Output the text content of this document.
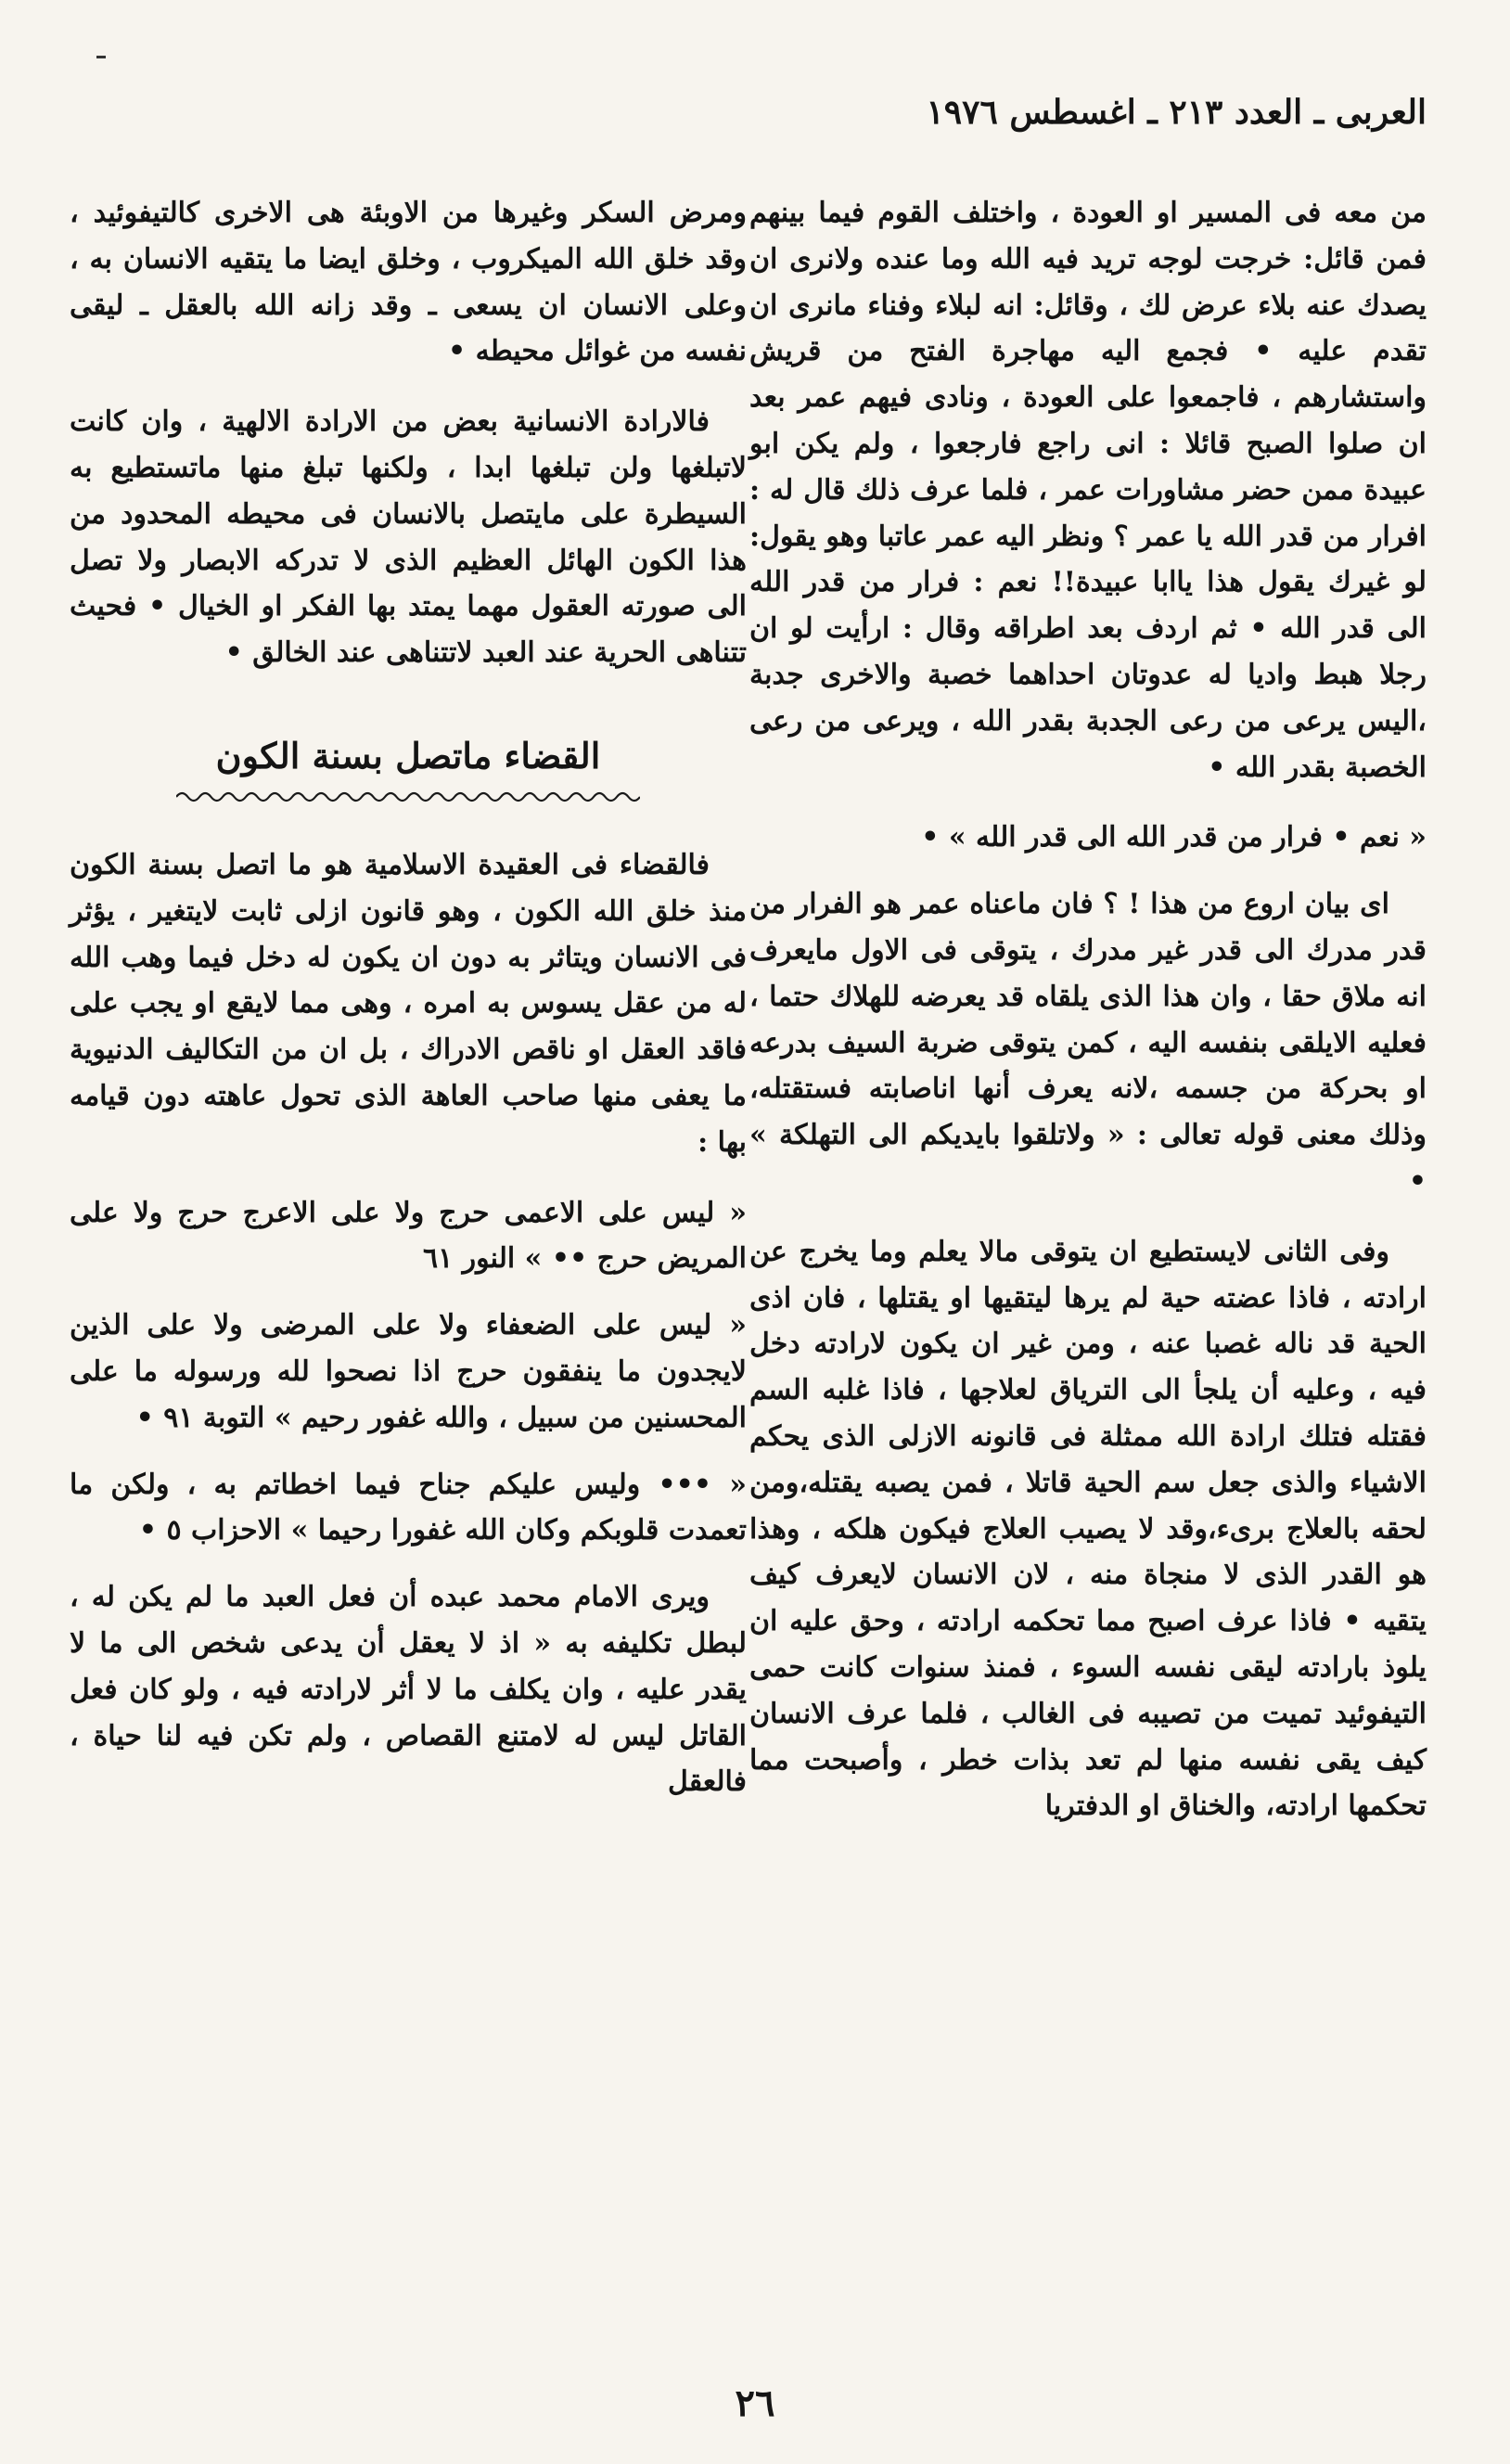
العربى ـ العدد ٢١٣ ـ اغسطس ١٩٧٦

من معه فى المسير او العودة ، واختلف القوم فيما بينهم فمن قائل: خرجت لوجه تريد فيه الله وما عنده ولانرى ان يصدك عنه بلاء عرض لك ، وقائل: انه لبلاء وفناء مانرى ان تقدم عليه • فجمع اليه مهاجرة الفتح من قريش واستشارهم ، فاجمعوا على العودة ، ونادى فيهم عمر بعد ان صلوا الصبح قائلا : انى راجع فارجعوا ، ولم يكن ابو عبيدة ممن حضر مشاورات عمر ، فلما عرف ذلك قال له : افرار من قدر الله يا عمر ؟ ونظر اليه عمر عاتبا وهو يقول: لو غيرك يقول هذا ياابا عبيدة!! نعم : فرار من قدر الله الى قدر الله • ثم اردف بعد اطراقه وقال : ارأيت لو ان رجلا هبط واديا له عدوتان احداهما خصبة والاخرى جدبة ،اليس يرعى من رعى الجدبة بقدر الله ، ويرعى من رعى الخصبة بقدر الله •

« نعم • فرار من قدر الله الى قدر الله » •

اى بيان اروع من هذا ! ؟ فان ماعناه عمر هو الفرار من قدر مدرك الى قدر غير مدرك ، يتوقى فى الاول مايعرف انه ملاق حقا ، وان هذا الذى يلقاه قد يعرضه للهلاك حتما ، فعليه الايلقى بنفسه اليه ، كمن يتوقى ضربة السيف بدرعه او بحركة من جسمه ،لانه يعرف أنها اناصابته فستقتله، وذلك معنى قوله تعالى : « ولاتلقوا بايديكم الى التهلكة » •

وفى الثانى لايستطيع ان يتوقى مالا يعلم وما يخرج عن ارادته ، فاذا عضته حية لم يرها ليتقيها او يقتلها ، فان اذى الحية قد ناله غصبا عنه ، ومن غير ان يكون لارادته دخل فيه ، وعليه أن يلجأ الى الترياق لعلاجها ، فاذا غلبه السم فقتله فتلك ارادة الله ممثلة فى قانونه الازلى الذى يحكم الاشياء والذى جعل سم الحية قاتلا ، فمن يصبه يقتله،ومن لحقه بالعلاج برىء،وقد لا يصيب العلاج فيكون هلكه ، وهذا هو القدر الذى لا منجاة منه ، لان الانسان لايعرف كيف يتقيه • فاذا عرف اصبح مما تحكمه ارادته ، وحق عليه ان يلوذ بارادته ليقى نفسه السوء ، فمنذ سنوات كانت حمى التيفوئيد تميت من تصيبه فى الغالب ، فلما عرف الانسان كيف يقى نفسه منها لم تعد بذات خطر ، وأصبحت مما تحكمها ارادته، والخناق او الدفتريا

ومرض السكر وغيرها من الاوبئة هى الاخرى كالتيفوئيد ، وقد خلق الله الميكروب ، وخلق ايضا ما يتقيه الانسان به ، وعلى الانسان ان يسعى ـ وقد زانه الله بالعقل ـ ليقى نفسه من غوائل محيطه •

فالارادة الانسانية بعض من الارادة الالهية ، وان كانت لاتبلغها ولن تبلغها ابدا ، ولكنها تبلغ منها ماتستطيع به السيطرة على مايتصل بالانسان فى محيطه المحدود من هذا الكون الهائل العظيم الذى لا تدركه الابصار ولا تصل الى صورته العقول مهما يمتد بها الفكر او الخيال • فحيث تتناهى الحرية عند العبد لاتتناهى عند الخالق •

القضاء ماتصل بسنة الكون

فالقضاء فى العقيدة الاسلامية هو ما اتصل بسنة الكون منذ خلق الله الكون ، وهو قانون ازلى ثابت لايتغير ، يؤثر فى الانسان ويتاثر به دون ان يكون له دخل فيما وهب الله له من عقل يسوس به امره ، وهى مما لايقع او يجب على فاقد العقل او ناقص الادراك ، بل ان من التكاليف الدنيوية ما يعفى منها صاحب العاهة الذى تحول عاهته دون قيامه بها :

« ليس على الاعمى حرج ولا على الاعرج حرج ولا على المريض حرج •• » النور ٦١

« ليس على الضعفاء ولا على المرضى ولا على الذين لايجدون ما ينفقون حرج اذا نصحوا لله ورسوله ما على المحسنين من سبيل ، والله غفور رحيم » التوبة ٩١ •

« ••• وليس عليكم جناح فيما اخطاتم به ، ولكن ما تعمدت قلوبكم وكان الله غفورا رحيما » الاحزاب ٥ •

ويرى الامام محمد عبده أن فعل العبد ما لم يكن له ، لبطل تكليفه به « اذ لا يعقل أن يدعى شخص الى ما لا يقدر عليه ، وان يكلف ما لا أثر لارادته فيه ، ولو كان فعل القاتل ليس له لامتنع القصاص ، ولم تكن فيه لنا حياة ، فالعقل

٢٦
